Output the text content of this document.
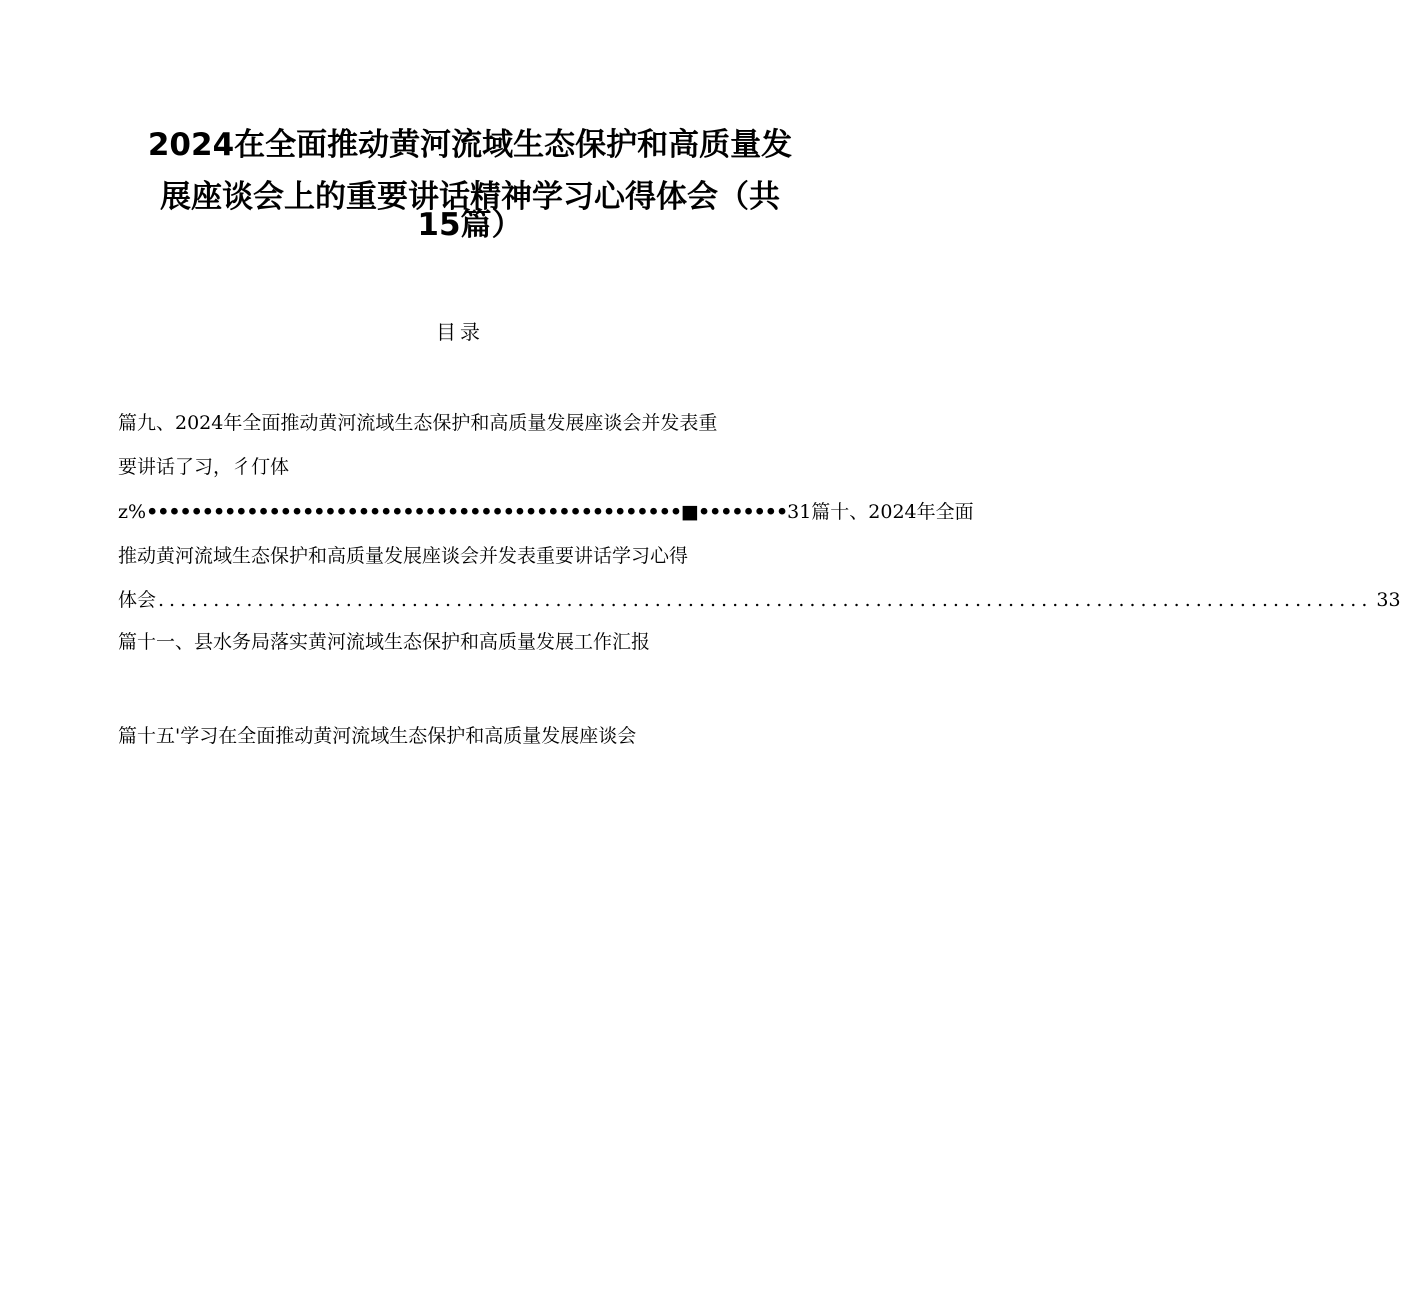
2024在全面推动黄河流域生态保护和高质量发
展座谈会上的重要讲话精神学习心得体会（共
15篇）
目录
篇九、2024年全面推动黄河流域生态保护和高质量发展座谈会并发表重
要讲话了习，彳仃体
z%••••••••••••••••••••••••••••••••••••••••••••••••■••••••••31篇十、2024年全面
推动黄河流域生态保护和高质量发展座谈会并发表重要讲话学习心得
体会
.....	33
篇十一、县水务局落实黄河流域生态保护和高质量发展工作汇报
篇十五'学习在全面推动黄河流域生态保护和高质量发展座谈会
